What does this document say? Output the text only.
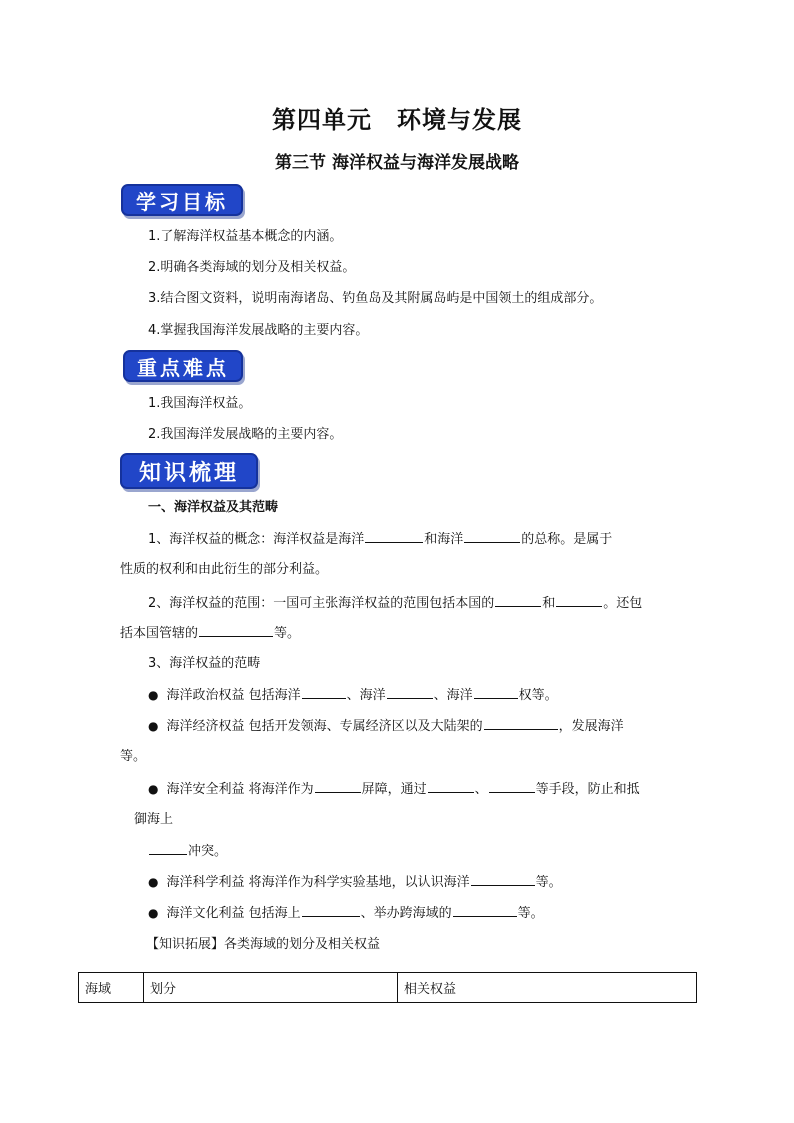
第四单元　环境与发展
第三节 海洋权益与海洋发展战略
学习目标
1.了解海洋权益基本概念的内涵。
2.明确各类海域的划分及相关权益。
3.结合图文资料，说明南海诸岛、钓鱼岛及其附属岛屿是中国领土的组成部分。
4.掌握我国海洋发展战略的主要内容。
重点难点
1.我国海洋权益。
2.我国海洋发展战略的主要内容。
知识梳理
一、海洋权益及其范畴
1、海洋权益的概念：海洋权益是海洋	和海洋	的总称。是属于
性质的权利和由此衍生的部分利益。
2、海洋权益的范围：一国可主张海洋权益的范围包括本国的	和	。还包
括本国管辖的	等。
3、海洋权益的范畴
● 海洋政治权益 包括海洋	、海洋	、海洋	权等。
● 海洋经济权益 包括开发领海、专属经济区以及大陆架的	，发展海洋
等。
● 海洋安全利益 将海洋作为	屏障，通过	、	等手段，防止和抵
御海上
冲突。
● 海洋科学利益 将海洋作为科学实验基地，以认识海洋	等。
● 海洋文化利益 包括海上	、举办跨海域的	等。
【知识拓展】各类海域的划分及相关权益
海域	划分	相关权益
